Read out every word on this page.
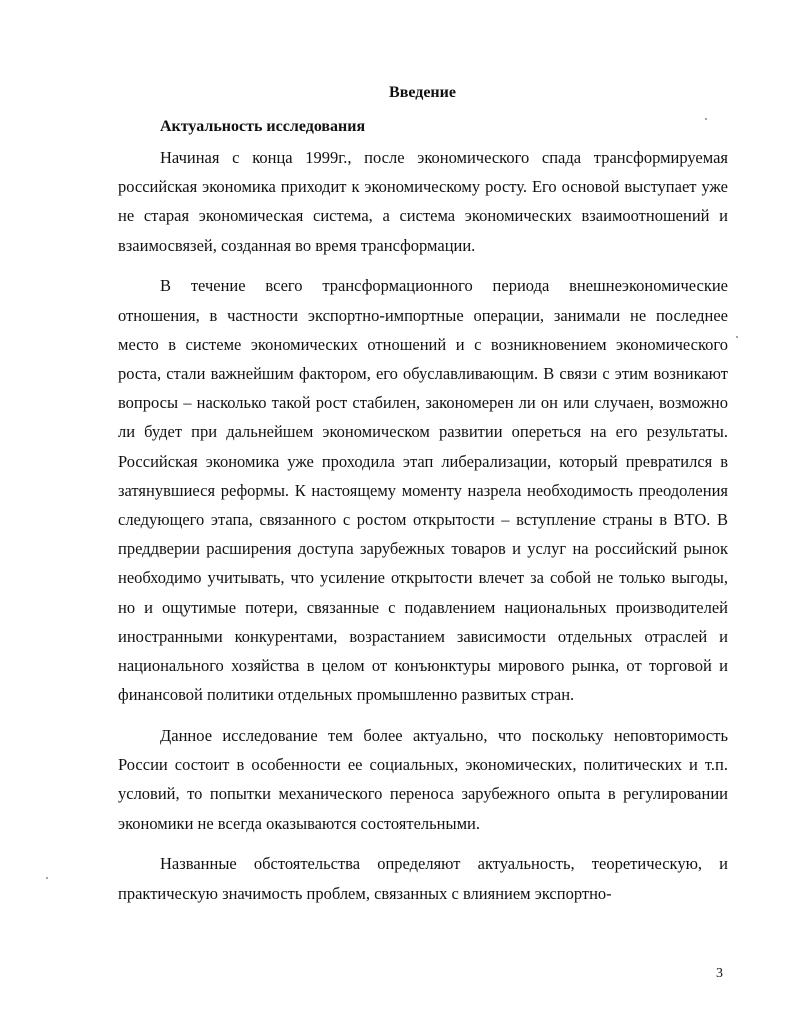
Введение
Актуальность исследования

Начиная с конца 1999г., после экономического спада трансформируемая российская экономика приходит к экономическому росту. Его основой выступает уже не старая экономическая система, а система экономических взаимоотношений и взаимосвязей, созданная во время трансформации.

В течение всего трансформационного периода внешнеэкономические отношения, в частности экспортно-импортные операции, занимали не последнее место в системе экономических отношений и с возникновением экономического роста, стали важнейшим фактором, его обуславливающим. В связи с этим возникают вопросы – насколько такой рост стабилен, закономерен ли он или случаен, возможно ли будет при дальнейшем экономическом развитии опереться на его результаты. Российская экономика уже проходила этап либерализации, который превратился в затянувшиеся реформы. К настоящему моменту назрела необходимость преодоления следующего этапа, связанного с ростом открытости – вступление страны в ВТО. В преддверии расширения доступа зарубежных товаров и услуг на российский рынок необходимо учитывать, что усиление открытости влечет за собой не только выгоды, но и ощутимые потери, связанные с подавлением национальных производителей иностранными конкурентами, возрастанием зависимости отдельных отраслей и национального хозяйства в целом от конъюнктуры мирового рынка, от торговой и финансовой политики отдельных промышленно развитых стран.

Данное исследование тем более актуально, что поскольку неповторимость России состоит в особенности ее социальных, экономических, политических и т.п. условий, то попытки механического переноса зарубежного опыта в регулировании экономики не всегда оказываются состоятельными.

Названные обстоятельства определяют актуальность, теоретическую, и практическую значимость проблем, связанных с влиянием экспортно-

3
